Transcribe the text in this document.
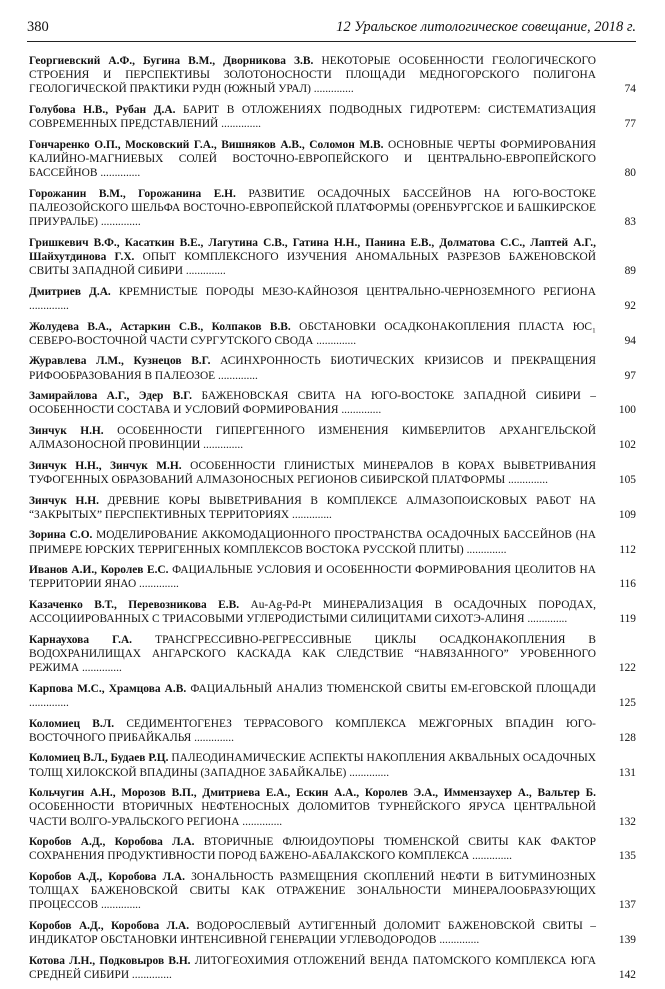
380	12 Уральское литологическое совещание, 2018 г.
Георгиевский А.Ф., Бугина В.М., Дворникова З.В. НЕКОТОРЫЕ ОСОБЕННОСТИ ГЕОЛОГИЧЕСКОГО СТРОЕНИЯ И ПЕРСПЕКТИВЫ ЗОЛОТОНОСНОСТИ ПЛОЩАДИ МЕДНОГОРСКОГО ПОЛИГОНА ГЕОЛОГИЧЕСКОЙ ПРАКТИКИ РУДН (ЮЖНЫЙ УРАЛ) ..............	74
Голубова Н.В., Рубан Д.А. БАРИТ В ОТЛОЖЕНИЯХ ПОДВОДНЫХ ГИДРОТЕРМ: СИСТЕМАТИЗАЦИЯ СОВРЕМЕННЫХ ПРЕДСТАВЛЕНИЙ ..............	77
Гончаренко О.П., Московский Г.А., Вишняков А.В., Соломон М.В. ОСНОВНЫЕ ЧЕРТЫ ФОРМИРОВАНИЯ КАЛИЙНО-МАГНИЕВЫХ СОЛЕЙ ВОСТОЧНО-ЕВРОПЕЙСКОГО И ЦЕНТРАЛЬНО-ЕВРОПЕЙСКОГО БАССЕЙНОВ ..............	80
Горожанин В.М., Горожанина Е.Н. РАЗВИТИЕ ОСАДОЧНЫХ БАССЕЙНОВ НА ЮГО-ВОСТОКЕ ПАЛЕОЗОЙСКОГО ШЕЛЬФА ВОСТОЧНО-ЕВРОПЕЙСКОЙ ПЛАТФОРМЫ (ОРЕНБУРГСКОЕ И БАШКИРСКОЕ ПРИУРАЛЬЕ) ..............	83
Гришкевич В.Ф., Касаткин В.Е., Лагутина С.В., Гатина Н.Н., Панина Е.В., Долматова С.С., Лаптей А.Г., Шайхутдинова Г.Х. ОПЫТ КОМПЛЕКСНОГО ИЗУЧЕНИЯ АНОМАЛЬНЫХ РАЗРЕЗОВ БАЖЕНОВСКОЙ СВИТЫ ЗАПАДНОЙ СИБИРИ ..............	89
Дмитриев Д.А. КРЕМНИСТЫЕ ПОРОДЫ МЕЗО-КАЙНОЗОЯ ЦЕНТРАЛЬНО-ЧЕРНОЗЕМНОГО РЕГИОНА ..............	92
Жолудева В.А., Астаркин С.В., Колпаков В.В. ОБСТАНОВКИ ОСАДКОНАКОПЛЕНИЯ ПЛАСТА ЮС₁ СЕВЕРО-ВОСТОЧНОЙ ЧАСТИ СУРГУТСКОГО СВОДА ..............	94
Журавлева Л.М., Кузнецов В.Г. АСИНХРОННОСТЬ БИОТИЧЕСКИХ КРИЗИСОВ И ПРЕКРАЩЕНИЯ РИФООБРАЗОВАНИЯ В ПАЛЕОЗОЕ ..............	97
Замирайлова А.Г., Эдер В.Г. БАЖЕНОВСКАЯ СВИТА НА ЮГО-ВОСТОКЕ ЗАПАДНОЙ СИБИРИ – ОСОБЕННОСТИ СОСТАВА И УСЛОВИЙ ФОРМИРОВАНИЯ ..............	100
Зинчук Н.Н. ОСОБЕННОСТИ ГИПЕРГЕННОГО ИЗМЕНЕНИЯ КИМБЕРЛИТОВ АРХАНГЕЛЬСКОЙ АЛМАЗОНОСНОЙ ПРОВИНЦИИ ..............	102
Зинчук Н.Н., Зинчук М.Н. ОСОБЕННОСТИ ГЛИНИСТЫХ МИНЕРАЛОВ В КОРАХ ВЫВЕТРИВАНИЯ ТУФОГЕННЫХ ОБРАЗОВАНИЙ АЛМАЗОНОСНЫХ РЕГИОНОВ СИБИРСКОЙ ПЛАТФОРМЫ ..............	105
Зинчук Н.Н. ДРЕВНИЕ КОРЫ ВЫВЕТРИВАНИЯ В КОМПЛЕКСЕ АЛМАЗОПОИСКОВЫХ РАБОТ НА “ЗАКРЫТЫХ” ПЕРСПЕКТИВНЫХ ТЕРРИТОРИЯХ ..............	109
Зорина С.О. МОДЕЛИРОВАНИЕ АККОМОДАЦИОННОГО ПРОСТРАНСТВА ОСАДОЧНЫХ БАССЕЙНОВ (НА ПРИМЕРЕ ЮРСКИХ ТЕРРИГЕННЫХ КОМПЛЕКСОВ ВОСТОКА РУССКОЙ ПЛИТЫ) ..............	112
Иванов А.И., Королев Е.С. ФАЦИАЛЬНЫЕ УСЛОВИЯ И ОСОБЕННОСТИ ФОРМИРОВАНИЯ ЦЕОЛИТОВ НА ТЕРРИТОРИИ ЯНАО ..............	116
Казаченко В.Т., Перевозникова Е.В. Au-Ag-Pd-Pt МИНЕРАЛИЗАЦИЯ В ОСАДОЧНЫХ ПОРОДАХ, АССОЦИИРОВАННЫХ С ТРИАСОВЫМИ УГЛЕРОДИСТЫМИ СИЛИЦИТАМИ СИХОТЭ-АЛИНЯ ..............	119
Карнаухова Г.А. ТРАНСГРЕССИВНО-РЕГРЕССИВНЫЕ ЦИКЛЫ ОСАДКОНАКОПЛЕНИЯ В ВОДОХРАНИЛИЩАХ АНГАРСКОГО КАСКАДА КАК СЛЕДСТВИЕ “НАВЯЗАННОГО” УРОВЕННОГО РЕЖИМА ..............	122
Карпова М.С., Храмцова А.В. ФАЦИАЛЬНЫЙ АНАЛИЗ ТЮМЕНСКОЙ СВИТЫ ЕМ-ЕГОВСКОЙ ПЛОЩАДИ ..............	125
Коломиец В.Л. СЕДИМЕНТОГЕНЕЗ ТЕРРАСОВОГО КОМПЛЕКСА МЕЖГОРНЫХ ВПАДИН ЮГО-ВОСТОЧНОГО ПРИБАЙКАЛЬЯ ..............	128
Коломиец В.Л., Будаев Р.Ц. ПАЛЕОДИНАМИЧЕСКИЕ АСПЕКТЫ НАКОПЛЕНИЯ АКВАЛЬНЫХ ОСАДОЧНЫХ ТОЛЩ ХИЛОКСКОЙ ВПАДИНЫ (ЗАПАДНОЕ ЗАБАЙКАЛЬЕ) ..............	131
Кольчугин А.Н., Морозов В.П., Дмитриева Е.А., Ескин А.А., Королев Э.А., Иммензаухер А., Вальтер Б. ОСОБЕННОСТИ ВТОРИЧНЫХ НЕФТЕНОСНЫХ ДОЛОМИТОВ ТУРНЕЙСКОГО ЯРУСА ЦЕНТРАЛЬНОЙ ЧАСТИ ВОЛГО-УРАЛЬСКОГО РЕГИОНА ..............	132
Коробов А.Д., Коробова Л.А. ВТОРИЧНЫЕ ФЛЮИДОУПОРЫ ТЮМЕНСКОЙ СВИТЫ КАК ФАКТОР СОХРАНЕНИЯ ПРОДУКТИВНОСТИ ПОРОД БАЖЕНО-АБАЛАКСКОГО КОМПЛЕКСА ..............	135
Коробов А.Д., Коробова Л.А. ЗОНАЛЬНОСТЬ РАЗМЕЩЕНИЯ СКОПЛЕНИЙ НЕФТИ В БИТУМИНОЗНЫХ ТОЛЩАХ БАЖЕНОВСКОЙ СВИТЫ КАК ОТРАЖЕНИЕ ЗОНАЛЬНОСТИ МИНЕРАЛООБРАЗУЮЩИХ ПРОЦЕССОВ ..............	137
Коробов А.Д., Коробова Л.А. ВОДОРОСЛЕВЫЙ АУТИГЕННЫЙ ДОЛОМИТ БАЖЕНОВСКОЙ СВИТЫ – ИНДИКАТОР ОБСТАНОВКИ ИНТЕНСИВНОЙ ГЕНЕРАЦИИ УГЛЕВОДОРОДОВ ..............	139
Котова Л.Н., Подковыров В.Н. ЛИТОГЕОХИМИЯ ОТЛОЖЕНИЙ ВЕНДА ПАТОМСКОГО КОМПЛЕКСА ЮГА СРЕДНЕЙ СИБИРИ ..............	142
